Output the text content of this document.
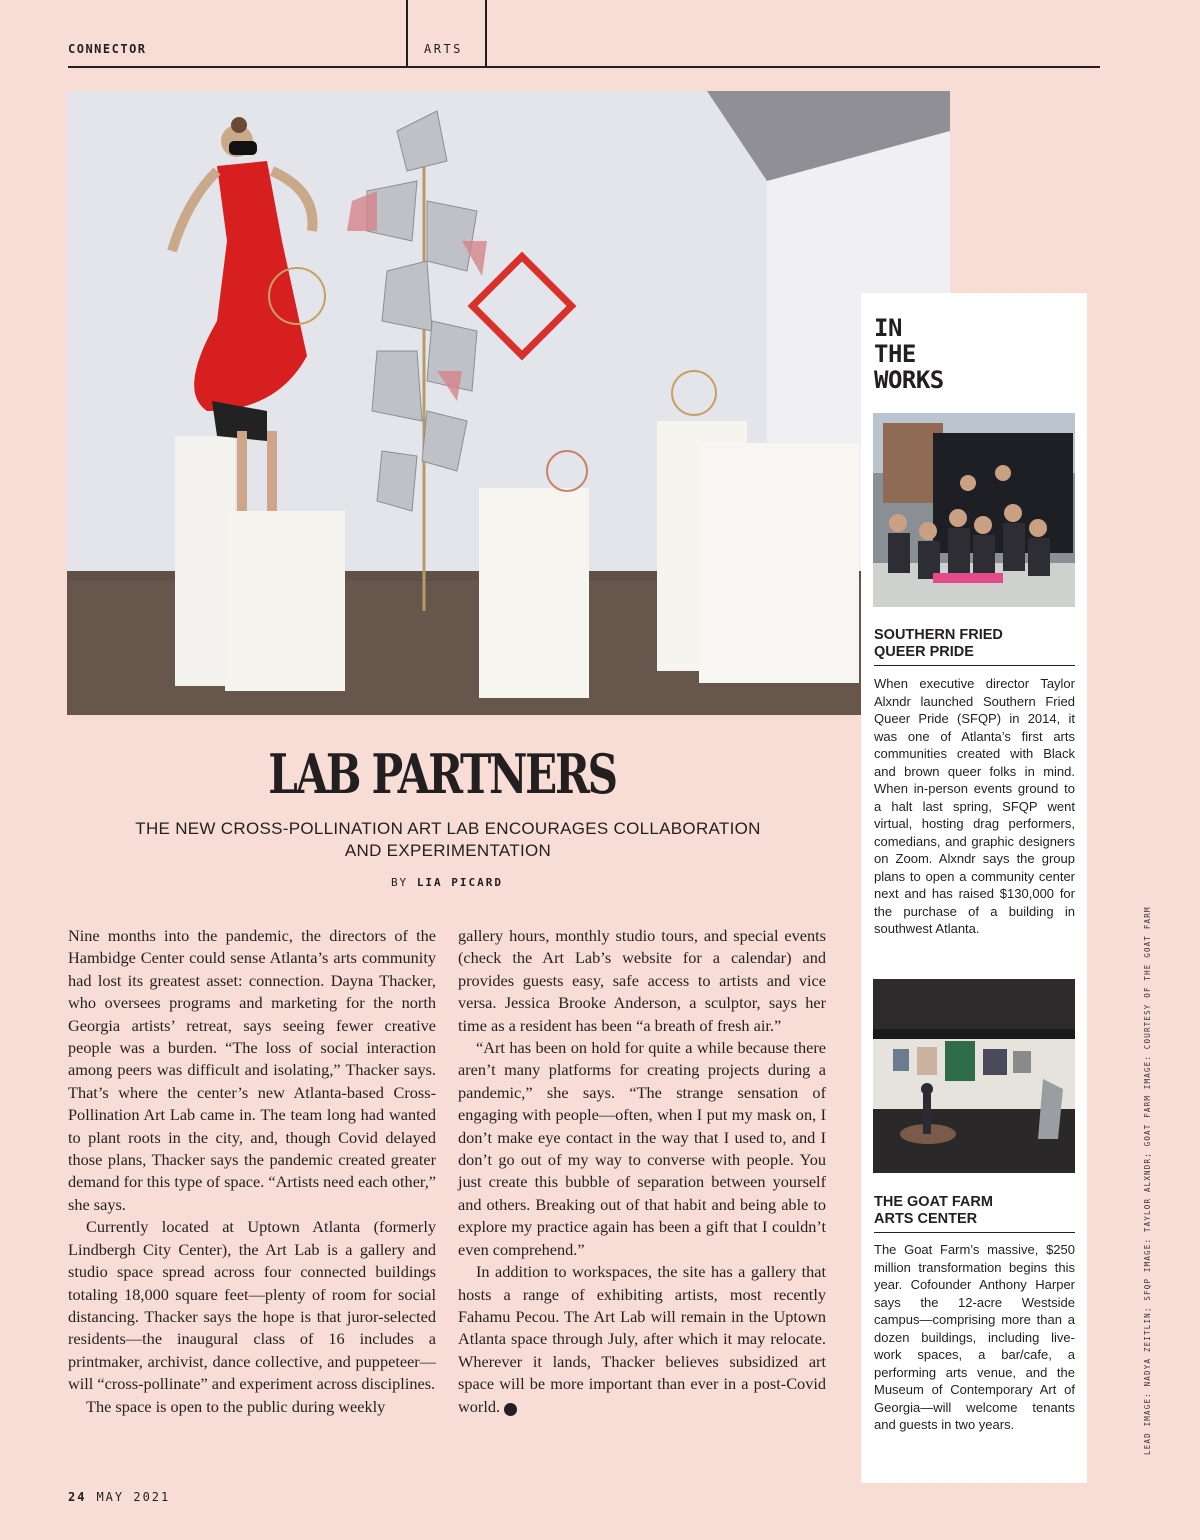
CONNECTOR	ARTS
LAB PARTNERS
THE NEW CROSS-POLLINATION ART LAB ENCOURAGES COLLABORATION AND EXPERIMENTATION
BY LIA PICARD

Nine months into the pandemic, the directors of the Hambidge Center could sense Atlanta’s arts community had lost its greatest asset: connection. Dayna Thacker, who oversees programs and marketing for the north Georgia artists’ retreat, says seeing fewer creative people was a burden. “The loss of social interaction among peers was difficult and isolating,” Thacker says. That’s where the center’s new Atlanta-based Cross-Pollination Art Lab came in. The team long had wanted to plant roots in the city, and, though Covid delayed those plans, Thacker says the pandemic created greater demand for this type of space. “Artists need each other,” she says.

Currently located at Uptown Atlanta (formerly Lindbergh City Center), the Art Lab is a gallery and studio space spread across four connected buildings totaling 18,000 square feet—plenty of room for social distancing. Thacker says the hope is that juror-selected residents—the inaugural class of 16 includes a printmaker, archivist, dance collective, and puppeteer—will “cross-pollinate” and experiment across disciplines.

The space is open to the public during weekly

gallery hours, monthly studio tours, and special events (check the Art Lab’s website for a calendar) and provides guests easy, safe access to artists and vice versa. Jessica Brooke Anderson, a sculptor, says her time as a resident has been “a breath of fresh air.”

“Art has been on hold for quite a while because there aren’t many platforms for creating projects during a pandemic,” she says. “The strange sensation of engaging with people—often, when I put my mask on, I don’t make eye contact in the way that I used to, and I don’t go out of my way to converse with people. You just create this bubble of separation between yourself and others. Breaking out of that habit and being able to explore my practice again has been a gift that I couldn’t even comprehend.”

In addition to workspaces, the site has a gallery that hosts a range of exhibiting artists, most recently Fahamu Pecou. The Art Lab will remain in the Uptown Atlanta space through July, after which it may relocate. Wherever it lands, Thacker believes subsidized art space will be more important than ever in a post-Covid world. A

IN
THE
WORKS
SOUTHERN FRIED
QUEER PRIDE
When executive director Taylor Alxndr launched Southern Fried Queer Pride (SFQP) in 2014, it was one of Atlanta’s first arts communities created with Black and brown queer folks in mind. When in-person events ground to a halt last spring, SFQP went virtual, hosting drag performers, comedians, and graphic designers on Zoom. Alxndr says the group plans to open a community center next and has raised $130,000 for the purchase of a building in southwest Atlanta.
THE GOAT FARM
ARTS CENTER
The Goat Farm’s massive, $250 million transformation begins this year. Cofounder Anthony Harper says the 12-acre Westside campus—comprising more than a dozen buildings, including live-work spaces, a bar/cafe, a performing arts venue, and the Museum of Contemporary Art of Georgia—will welcome tenants and guests in two years.	LEAD IMAGE: NADYA ZEITLIN; SFQP IMAGE: TAYLOR ALXNDR; GOAT FARM IMAGE: COURTESY OF THE GOAT FARM
24 MAY 2021
